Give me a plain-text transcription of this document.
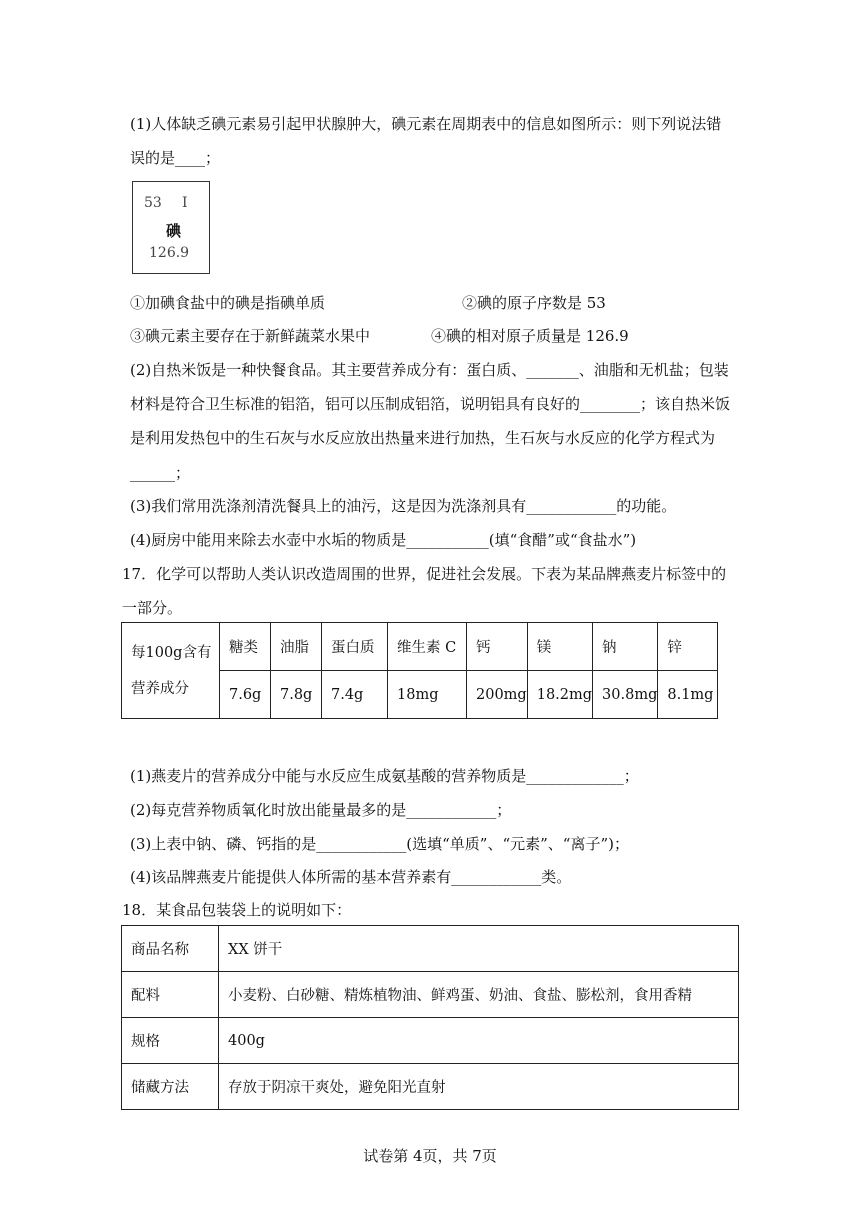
(1)人体缺乏碘元素易引起甲状腺肿大，碘元素在周期表中的信息如图所示：则下列说法错
误的是____；
53 I
碘
126.9
①加碘食盐中的碘是指碘单质	②碘的原子序数是 53
③碘元素主要存在于新鲜蔬菜水果中	④碘的相对原子质量是 126.9
(2)自热米饭是一种快餐食品。其主要营养成分有：蛋白质、_______、油脂和无机盐；包装
材料是符合卫生标准的铝箔，铝可以压制成铝箔，说明铝具有良好的________；该自热米饭
是利用发热包中的生石灰与水反应放出热量来进行加热，生石灰与水反应的化学方程式为
______；
(3)我们常用洗涤剂清洗餐具上的油污，这是因为洗涤剂具有____________的功能。
(4)厨房中能用来除去水壶中水垢的物质是___________(填“食醋”或“食盐水”)
17．化学可以帮助人类认识改造周围的世界，促进社会发展。下表为某品牌燕麦片标签中的
一部分。
每100g含有营养成分	糖类	油脂	蛋白质	维生素 C	钙	镁	钠	锌
	7.6g	7.8g	7.4g	18mg	200mg	18.2mg	30.8mg	8.1mg
(1)燕麦片的营养成分中能与水反应生成氨基酸的营养物质是_____________；
(2)每克营养物质氧化时放出能量最多的是____________；
(3)上表中钠、磷、钙指的是____________(选填“单质”、“元素”、“离子”)；
(4)该品牌燕麦片能提供人体所需的基本营养素有____________类。
18．某食品包装袋上的说明如下：
商品名称	XX 饼干
配料	小麦粉、白砂糖、精炼植物油、鲜鸡蛋、奶油、食盐、膨松剂，食用香精
规格	400g
储藏方法	存放于阴凉干爽处，避免阳光直射
试卷第 4页，共 7页
